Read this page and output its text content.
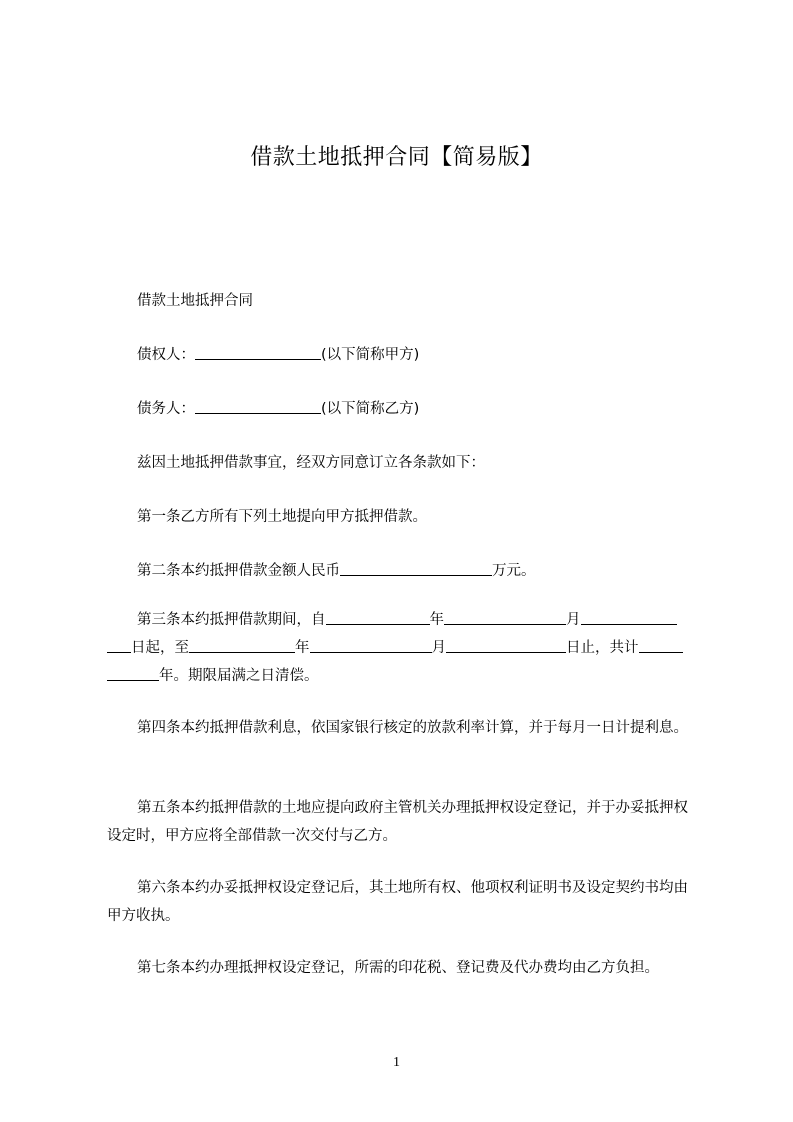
借款土地抵押合同【简易版】
借款土地抵押合同
债权人：	(以下简称甲方)
债务人：	(以下简称乙方)
兹因土地抵押借款事宜，经双方同意订立各条款如下：
第一条乙方所有下列土地提向甲方抵押借款。
第二条本约抵押借款金额人民币	万元。
第三条本约抵押借款期间，自	年	月
日起，至	年	月	日止，共计
年。期限届满之日清偿。
第四条本约抵押借款利息，依国家银行核定的放款利率计算，并于每月一日计提利息。
第五条本约抵押借款的土地应提向政府主管机关办理抵押权设定登记，并于办妥抵押权设定时，甲方应将全部借款一次交付与乙方。
第六条本约办妥抵押权设定登记后，其土地所有权、他项权利证明书及设定契约书均由甲方收执。
第七条本约办理抵押权设定登记，所需的印花税、登记费及代办费均由乙方负担。
1
